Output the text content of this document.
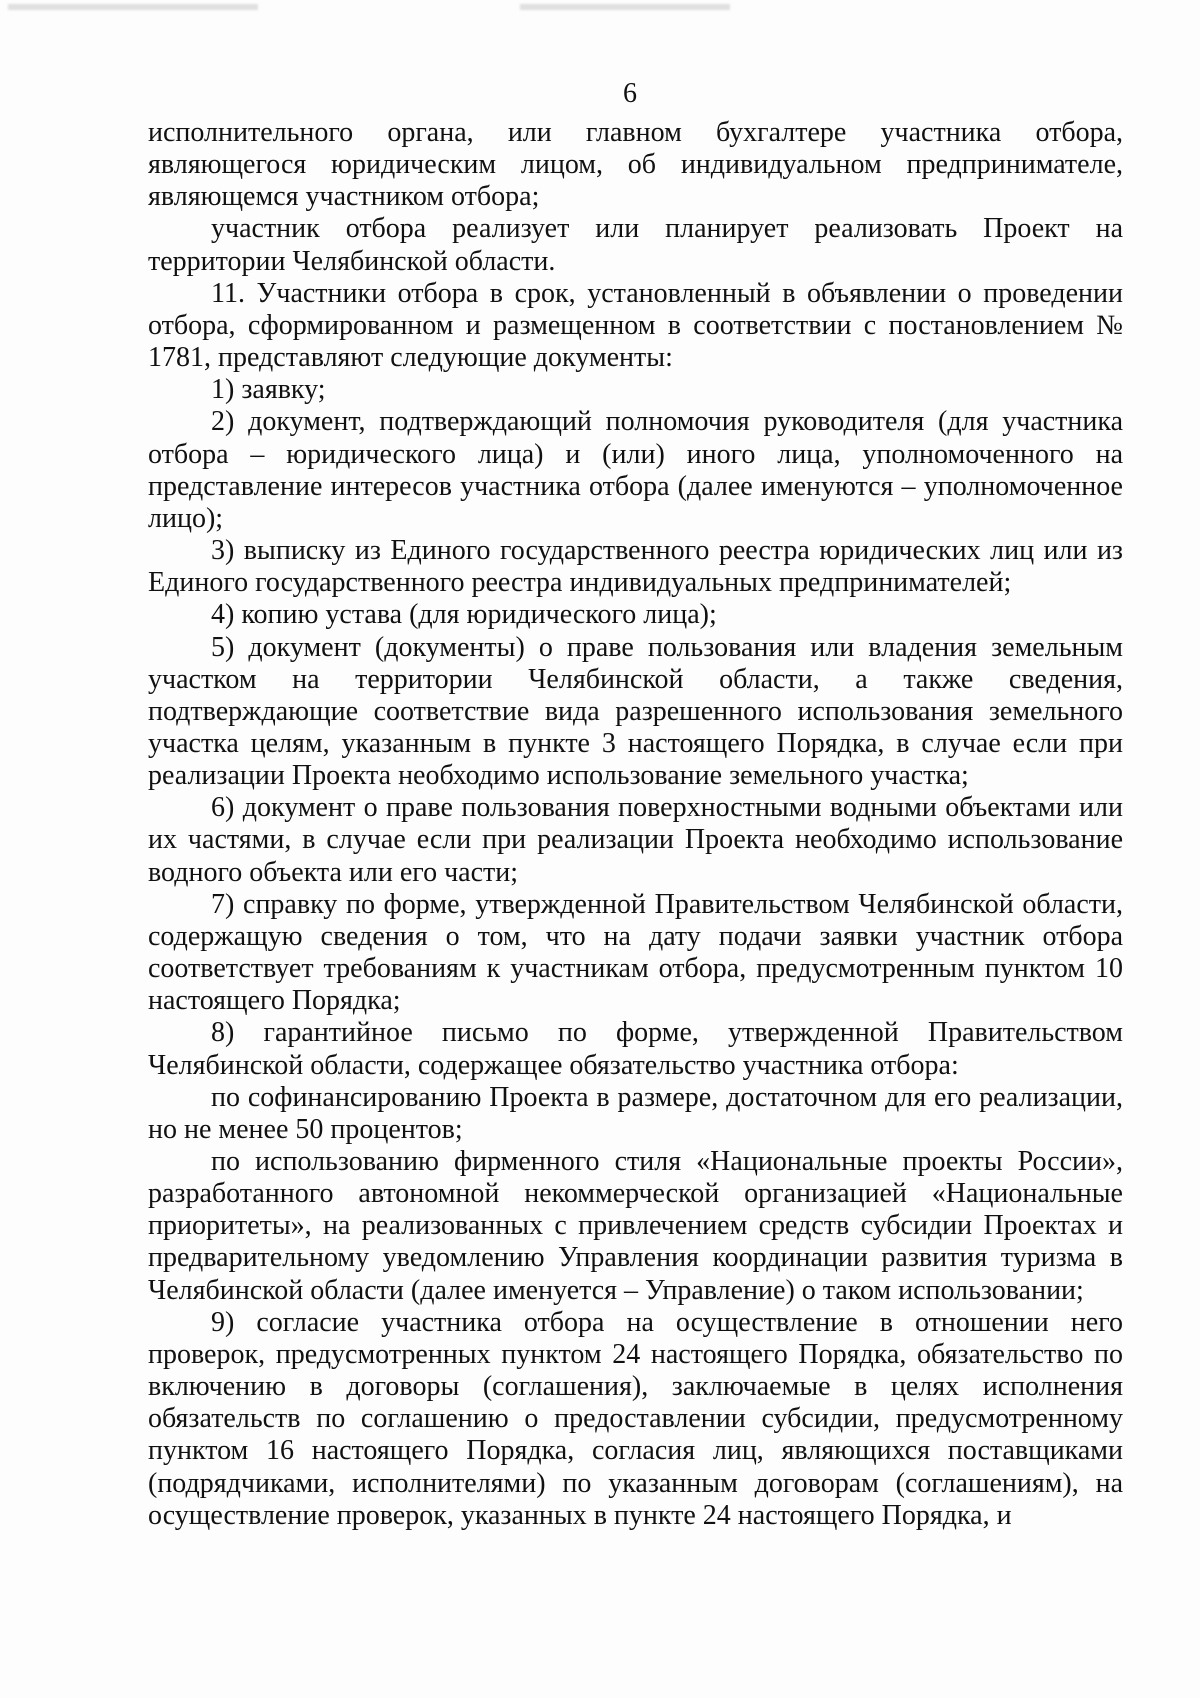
6

исполнительного органа, или главном бухгалтере участника отбора, являющегося юридическим лицом, об индивидуальном предпринимателе, являющемся участником отбора;

участник отбора реализует или планирует реализовать Проект на территории Челябинской области.

11. Участники отбора в срок, установленный в объявлении о проведении отбора, сформированном и размещенном в соответствии с постановлением № 1781, представляют следующие документы:

1) заявку;

2) документ, подтверждающий полномочия руководителя (для участника отбора – юридического лица) и (или) иного лица, уполномоченного на представление интересов участника отбора (далее именуются – уполномоченное лицо);

3) выписку из Единого государственного реестра юридических лиц или из Единого государственного реестра индивидуальных предпринимателей;

4) копию устава (для юридического лица);

5) документ (документы) о праве пользования или владения земельным участком на территории Челябинской области, а также сведения, подтверждающие соответствие вида разрешенного использования земельного участка целям, указанным в пункте 3 настоящего Порядка, в случае если при реализации Проекта необходимо использование земельного участка;

6) документ о праве пользования поверхностными водными объектами или их частями, в случае если при реализации Проекта необходимо использование водного объекта или его части;

7) справку по форме, утвержденной Правительством Челябинской области, содержащую сведения о том, что на дату подачи заявки участник отбора соответствует требованиям к участникам отбора, предусмотренным пунктом 10 настоящего Порядка;

8) гарантийное письмо по форме, утвержденной Правительством Челябинской области, содержащее обязательство участника отбора:

по софинансированию Проекта в размере, достаточном для его реализации, но не менее 50 процентов;

по использованию фирменного стиля «Национальные проекты России», разработанного автономной некоммерческой организацией «Национальные приоритеты», на реализованных с привлечением средств субсидии Проектах и предварительному уведомлению Управления координации развития туризма в Челябинской области (далее именуется – Управление) о таком использовании;

9) согласие участника отбора на осуществление в отношении него проверок, предусмотренных пунктом 24 настоящего Порядка, обязательство по включению в договоры (соглашения), заключаемые в целях исполнения обязательств по соглашению о предоставлении субсидии, предусмотренному пунктом 16 настоящего Порядка, согласия лиц, являющихся поставщиками (подрядчиками, исполнителями) по указанным договорам (соглашениям), на осуществление проверок, указанных в пункте 24 настоящего Порядка, и
